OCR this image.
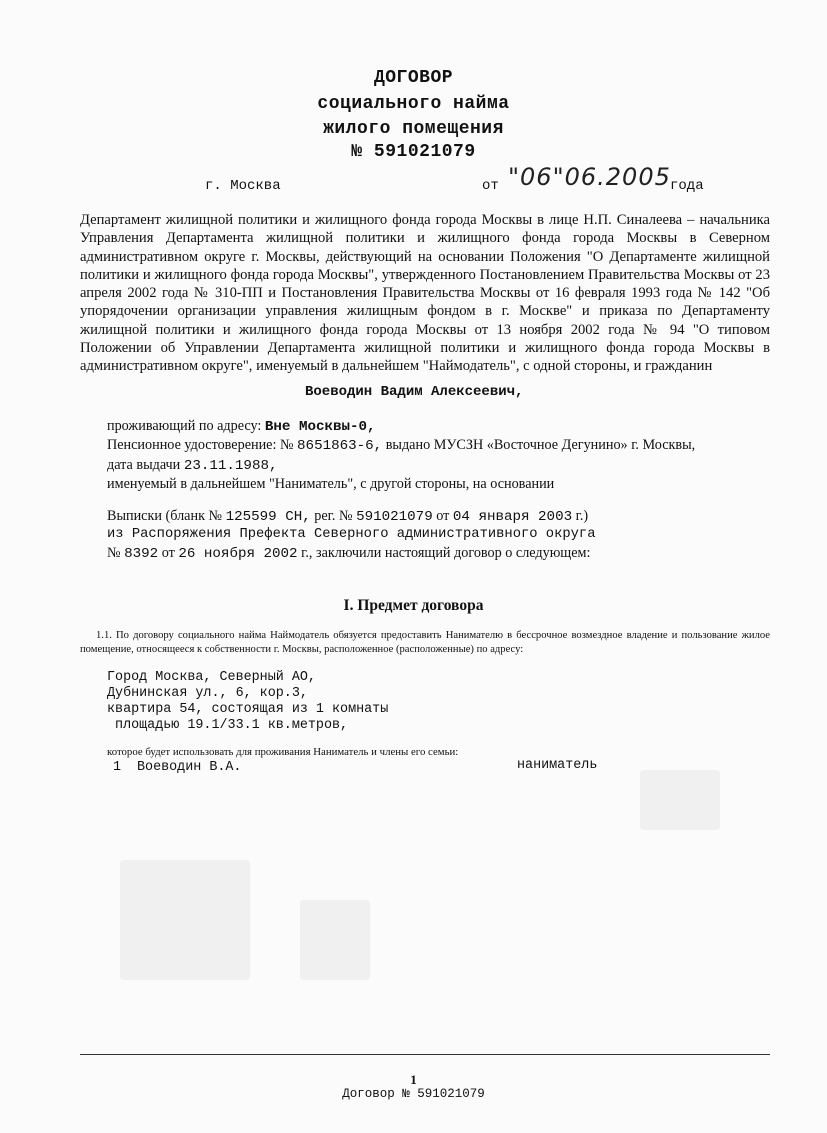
ДОГОВОР
социального найма
жилого помещения
№ 591021079
г. Москва	от "06"06.2005 года
Департамент жилищной политики и жилищного фонда города Москвы в лице Н.П. Синалеева – начальника Управления Департамента жилищной политики и жилищного фонда города Москвы в Северном административном округе г. Москвы, действующий на основании Положения "О Департаменте жилищной политики и жилищного фонда города Москвы", утвержденного Постановлением Правительства Москвы от 23 апреля 2002 года № 310-ПП и Постановления Правительства Москвы от 16 февраля 1993 года № 142 "Об упорядочении организации управления жилищным фондом в г. Москве" и приказа по Департаменту жилищной политики и жилищного фонда города Москвы от 13 ноября 2002 года № 94 "О типовом Положении об Управлении Департамента жилищной политики и жилищного фонда города Москвы в административном округе", именуемый в дальнейшем "Наймодатель", с одной стороны, и гражданин
Воеводин Вадим Алексеевич,
проживающий по адресу: Вне Москвы-0,
Пенсионное удостоверение: № 8651863-6, выдано МУСЗН «Восточное Дегунино» г. Москвы,
дата выдачи 23.11.1988,
именуемый в дальнейшем "Наниматель", с другой стороны, на основании
Выписки (бланк № 125599 СН, рег. № 591021079 от 04 января 2003 г.)
из Распоряжения Префекта Северного административного округа
№ 8392 от 26 ноября 2002 г., заключили настоящий договор о следующем:
I. Предмет договора
1.1. По договору социального найма Наймодатель обязуется предоставить Нанимателю в бессрочное возмездное владение и пользование жилое помещение, относящееся к собственности г. Москвы, расположенное (расположенные) по адресу:
Город Москва, Северный АО,
Дубнинская ул., 6, кор.3,
квартира 54, состоящая из 1 комнаты
площадью 19.1/33.1 кв.метров,
которое будет использовать для проживания Наниматель и члены его семьи:
1 Воеводин В.А.	наниматель
1
Договор № 591021079
